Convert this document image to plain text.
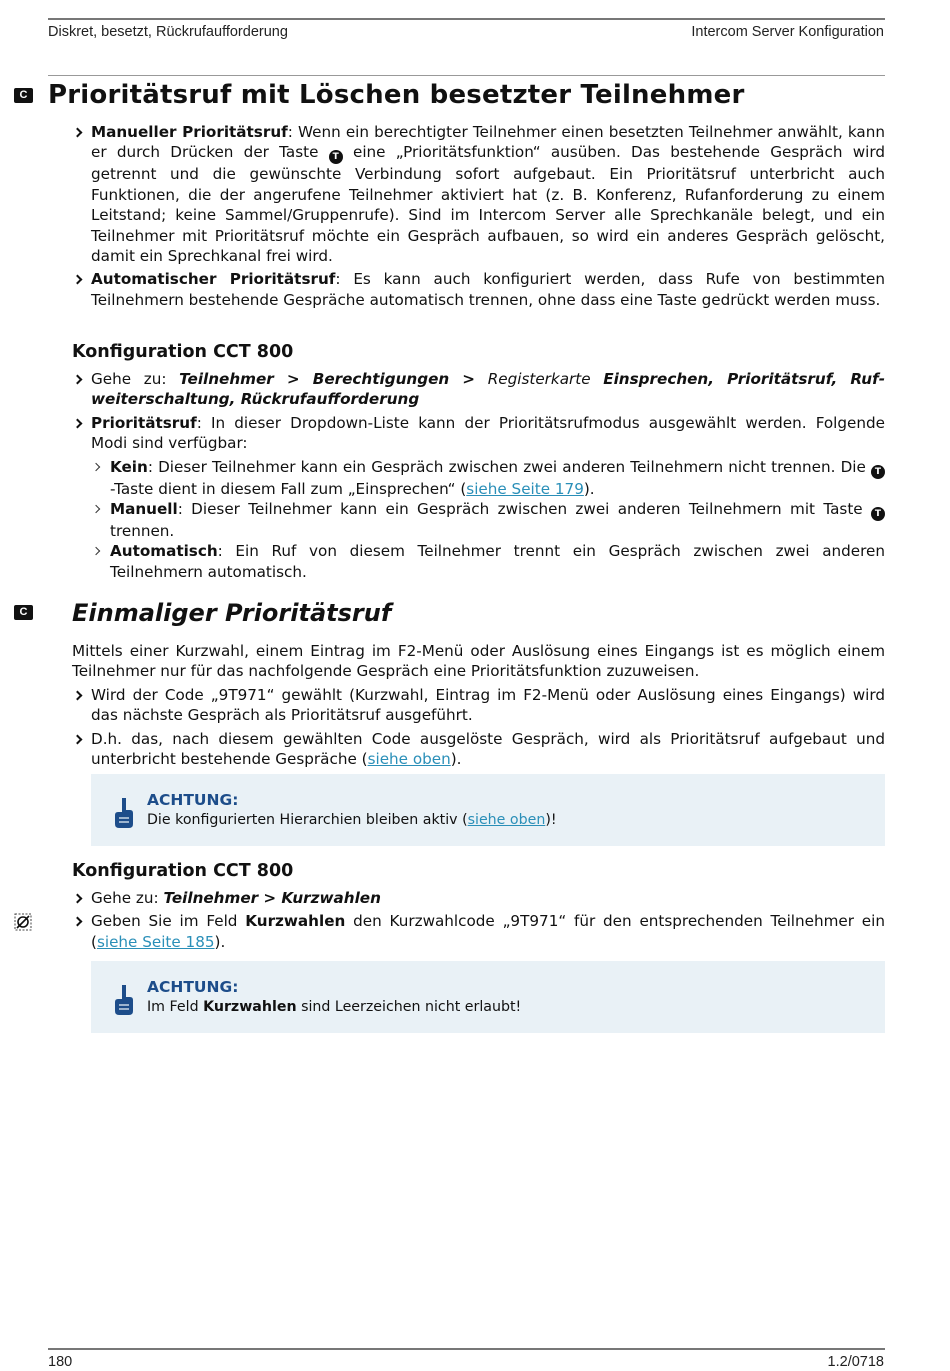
Diskret, besetzt, Rückrufaufforderung	Intercom Server Konfiguration
C Prioritätsruf mit Löschen besetzter Teilnehmer

Manueller Prioritätsruf: Wenn ein berechtigter Teilnehmer einen besetzten Teilnehmer anwählt, kann er durch Drücken der Taste T eine „Prioritätsfunktion“ ausüben. Das bestehende Gespräch wird getrennt und die gewünschte Verbindung sofort aufgebaut. Ein Prioritätsruf unterbricht auch Funktionen, die der angerufene Teilnehmer aktiviert hat (z. B. Konferenz, Rufanforderung zu einem Leitstand; keine Sammel/Gruppenrufe). Sind im Intercom Server alle Sprechkanäle belegt, und ein Teilnehmer mit Prioritätsruf möchte ein Gespräch aufbauen, so wird ein anderes Gespräch gelöscht, damit ein Sprechkanal frei wird.

Automatischer Prioritätsruf: Es kann auch konfiguriert werden, dass Rufe von bestimmten Teilnehmern bestehende Gespräche automatisch trennen, ohne dass eine Taste gedrückt werden muss.

Konfiguration CCT 800

Gehe zu: Teilnehmer > Berechtigungen > Registerkarte Einsprechen, Prioritätsruf, Rufweiterschaltung, Rückrufaufforderung

Prioritätsruf: In dieser Dropdown-Liste kann der Prioritätsrufmodus ausgewählt werden. Folgende Modi sind verfügbar:

Kein: Dieser Teilnehmer kann ein Gespräch zwischen zwei anderen Teilnehmern nicht trennen. Die T-Taste dient in diesem Fall zum „Einsprechen“ (siehe Seite 179).

Manuell: Dieser Teilnehmer kann ein Gespräch zwischen zwei anderen Teilnehmern mit Taste T trennen.

Automatisch: Ein Ruf von diesem Teilnehmer trennt ein Gespräch zwischen zwei anderen Teilnehmern automatisch.

C Einmaliger Prioritätsruf

Mittels einer Kurzwahl, einem Eintrag im F2-Menü oder Auslösung eines Eingangs ist es möglich einem Teilnehmer nur für das nachfolgende Gespräch eine Prioritätsfunktion zuzuweisen.

Wird der Code „9T971“ gewählt (Kurzwahl, Eintrag im F2-Menü oder Auslösung eines Eingangs) wird das nächste Gespräch als Prioritätsruf ausgeführt.

D.h. das, nach diesem gewählten Code ausgelöste Gespräch, wird als Prioritätsruf aufgebaut und unterbricht bestehende Gespräche (siehe oben).

ACHTUNG:
Die konfigurierten Hierarchien bleiben aktiv (siehe oben)!
Konfiguration CCT 800

Gehe zu: Teilnehmer > Kurzwahlen

Geben Sie im Feld Kurzwahlen den Kurzwahlcode „9T971“ für den entsprechenden Teilnehmer ein (siehe Seite 185).

ACHTUNG:
Im Feld Kurzwahlen sind Leerzeichen nicht erlaubt!
180	1.2/0718
